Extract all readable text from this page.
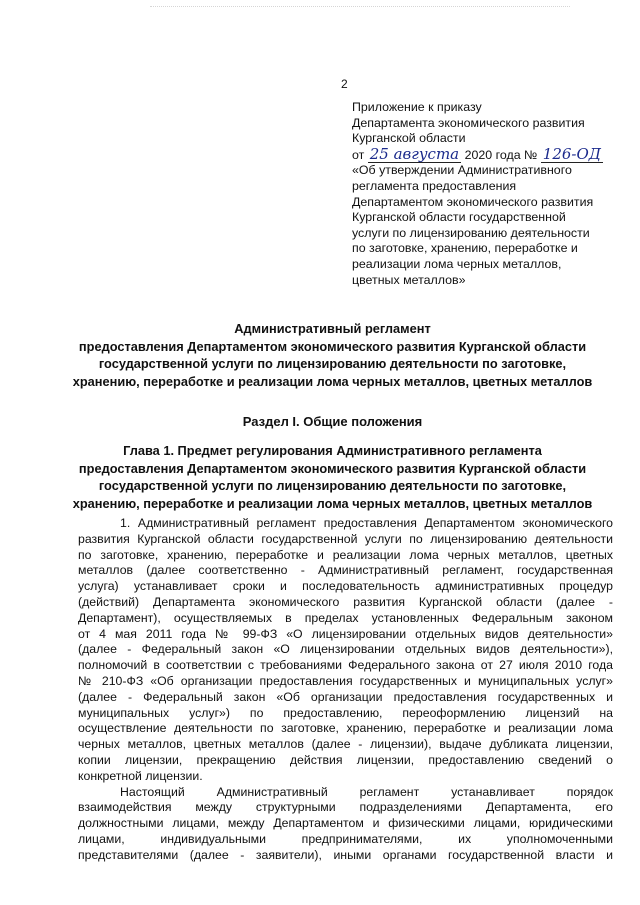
2
Приложение к приказу
Департамента экономического развития
Курганской области
от 25 августа 2020 года № 126-ОД
«Об утверждении Административного
регламента предоставления
Департаментом экономического развития
Курганской области государственной
услуги по лицензированию деятельности
по заготовке, хранению, переработке и
реализации лома черных металлов,
цветных металлов»
Административный регламент
предоставления Департаментом экономического развития Курганской области
государственной услуги по лицензированию деятельности по заготовке,
хранению, переработке и реализации лома черных металлов, цветных металлов
Раздел I. Общие положения
Глава 1. Предмет регулирования Административного регламента
предоставления Департаментом экономического развития Курганской области
государственной услуги по лицензированию деятельности по заготовке,
хранению, переработке и реализации лома черных металлов, цветных металлов
1. Административный регламент предоставления Департаментом экономического
развития Курганской области государственной услуги по лицензированию деятельности
по заготовке, хранению, переработке и реализации лома черных металлов, цветных
металлов (далее соответственно - Административный регламент, государственная
услуга) устанавливает сроки и последовательность административных процедур
(действий) Департамента экономического развития Курганской области (далее -
Департамент), осуществляемых в пределах установленных Федеральным законом
от 4 мая 2011 года № 99-ФЗ «О лицензировании отдельных видов деятельности»
(далее - Федеральный закон «О лицензировании отдельных видов деятельности»),
полномочий в соответствии с требованиями Федерального закона от 27 июля 2010 года
№ 210-ФЗ «Об организации предоставления государственных и муниципальных услуг»
(далее - Федеральный закон «Об организации предоставления государственных и
муниципальных услуг») по предоставлению, переоформлению лицензий на
осуществление деятельности по заготовке, хранению, переработке и реализации лома
черных металлов, цветных металлов (далее - лицензии), выдаче дубликата лицензии,
копии лицензии, прекращению действия лицензии, предоставлению сведений о
конкретной лицензии.
Настоящий Административный регламент устанавливает порядок
взаимодействия между структурными подразделениями Департамента, его
должностными лицами, между Департаментом и физическими лицами, юридическими
лицами, индивидуальными предпринимателями, их уполномоченными
представителями (далее - заявители), иными органами государственной власти и
